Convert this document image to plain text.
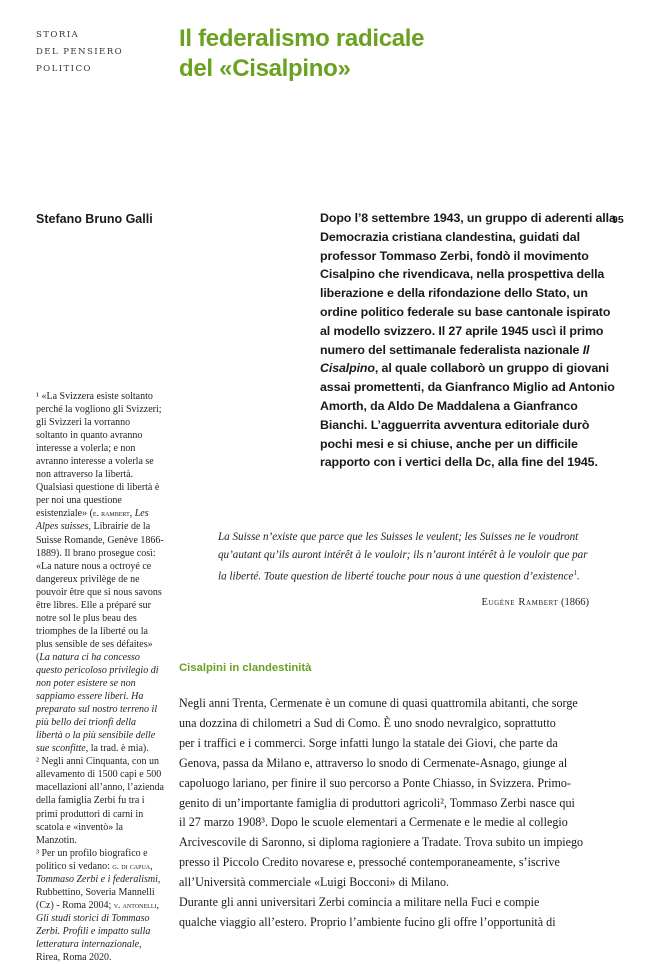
STORIA
DEL PENSIERO
POLITICO
Il federalismo radicale
del «Cisalpino»
Stefano Bruno Galli	95
Dopo l’8 settembre 1943, un gruppo di aderenti alla Democrazia cristiana clandestina, guidati dal professor Tommaso Zerbi, fondò il movimento Cisalpino che rivendicava, nella prospettiva della liberazione e della rifondazione dello Stato, un ordine politico federale su base cantonale ispirato al modello svizzero. Il 27 aprile 1945 uscì il primo numero del settimanale federalista nazionale Il Cisalpino, al quale collaborò un gruppo di giovani assai promettenti, da Gianfranco Miglio ad Antonio Amorth, da Aldo De Maddalena a Gianfranco Bianchi. L’agguerrita avventura editoriale durò pochi mesi e si chiuse, anche per un difficile rapporto con i vertici della Dc, alla fine del 1945.

¹ «La Svizzera esiste soltanto perché la vogliono gli Svizzeri; gli Svizzeri la vorranno soltanto in quanto avranno interesse a volerla; e non avranno interesse a volerla se non attraverso la libertà. Qualsiasi questione di libertà è per noi una questione esistenziale» (e. rambert, Les Alpes suisses, Librairie de la Suisse Romande, Genève 1866-1889). Il brano prosegue così: «La nature nous a octroyé ce dangereux privilège de ne pouvoir être que si nous savons être libres. Elle a préparé sur notre sol le plus beau des triomphes de la liberté ou la plus sensible de ses défaites» (La natura ci ha concesso questo pericoloso privilegio di non poter esistere se non sappiamo essere liberi. Ha preparato sul nostro terreno il più bello dei trionfi della libertà o la più sensibile delle sue sconfitte, la trad. è mia).

² Negli anni Cinquanta, con un allevamento di 1500 capi e 500 macellazioni all’anno, l’azienda della famiglia Zerbi fu tra i primi produttori di carni in scatola e «inventò» la Manzotin.

³ Per un profilo biografico e politico si vedano: g. di capua, Tommaso Zerbi e i federalismi, Rubbettino, Soveria Mannelli (Cz) - Roma 2004; v. antonelli, Gli studi storici di Tommaso Zerbi. Profili e impatto sulla letteratura internazionale, Rirea, Roma 2020.

La Suisse n’existe que parce que les Suisses le veulent; les Suisses ne le voudront qu’autant qu’ils auront intérêt à le vouloir; ils n’auront intérêt à le vouloir que par la liberté. Toute question de liberté touche pour nous à une question d’existence$^1$.
Eugène Rambert (1866)
Cisalpini in clandestinità
Negli anni Trenta, Cermenate è un comune di quasi quattromila abitanti, che sorge
una dozzina di chilometri a Sud di Como. È uno snodo nevralgico, soprattutto
per i traffici e i commerci. Sorge infatti lungo la statale dei Giovi, che parte da
Genova, passa da Milano e, attraverso lo snodo di Cermenate-Asnago, giunge al
capoluogo lariano, per finire il suo percorso a Ponte Chiasso, in Svizzera. Primo-
genito di un’importante famiglia di produttori agricoli², Tommaso Zerbi nasce qui
il 27 marzo 1908³. Dopo le scuole elementari a Cermenate e le medie al collegio
Arcivescovile di Saronno, si diploma ragioniere a Tradate. Trova subito un impiego
presso il Piccolo Credito novarese e, pressoché contemporaneamente, s’iscrive
all’Università commerciale «Luigi Bocconi» di Milano.
Durante gli anni universitari Zerbi comincia a militare nella Fuci e compie
qualche viaggio all’estero. Proprio l’ambiente fucino gli offre l’opportunità di
